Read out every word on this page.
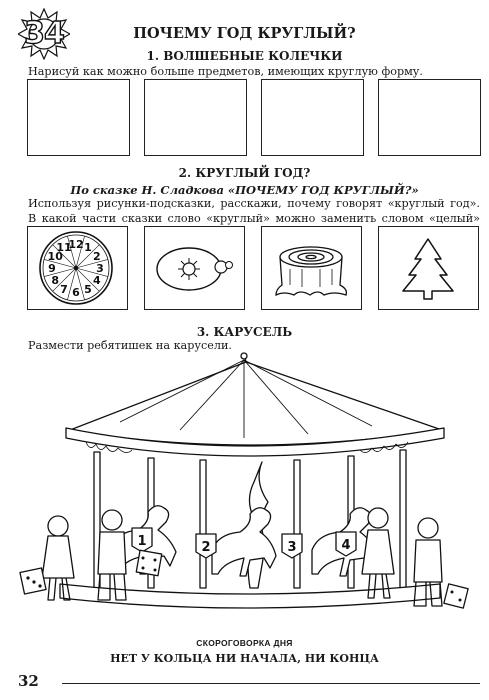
34	ПОЧЕМУ ГОД КРУГЛЫЙ?
1. ВОЛШЕБНЫЕ КОЛЕЧКИ
Нарисуй как можно больше предметов, имеющих круглую форму.
2. КРУГЛЫЙ ГОД?
По сказке Н. Сладкова «ПОЧЕМУ ГОД КРУГЛЫЙ?»
Используя рисунки-подсказки, расскажи, почему говорят «круглый год». В какой части сказки слово «круглый» можно заменить словом «целый»
12 1
2
3
4
5
6
7
8
9
10
11
3. КАРУСЕЛЬ
Размести ребятишек на карусели.
1	2	3	4
СКОРОГОВОРКА ДНЯ
НЕТ У КОЛЬЦА НИ НАЧАЛА, НИ КОНЦА
32
